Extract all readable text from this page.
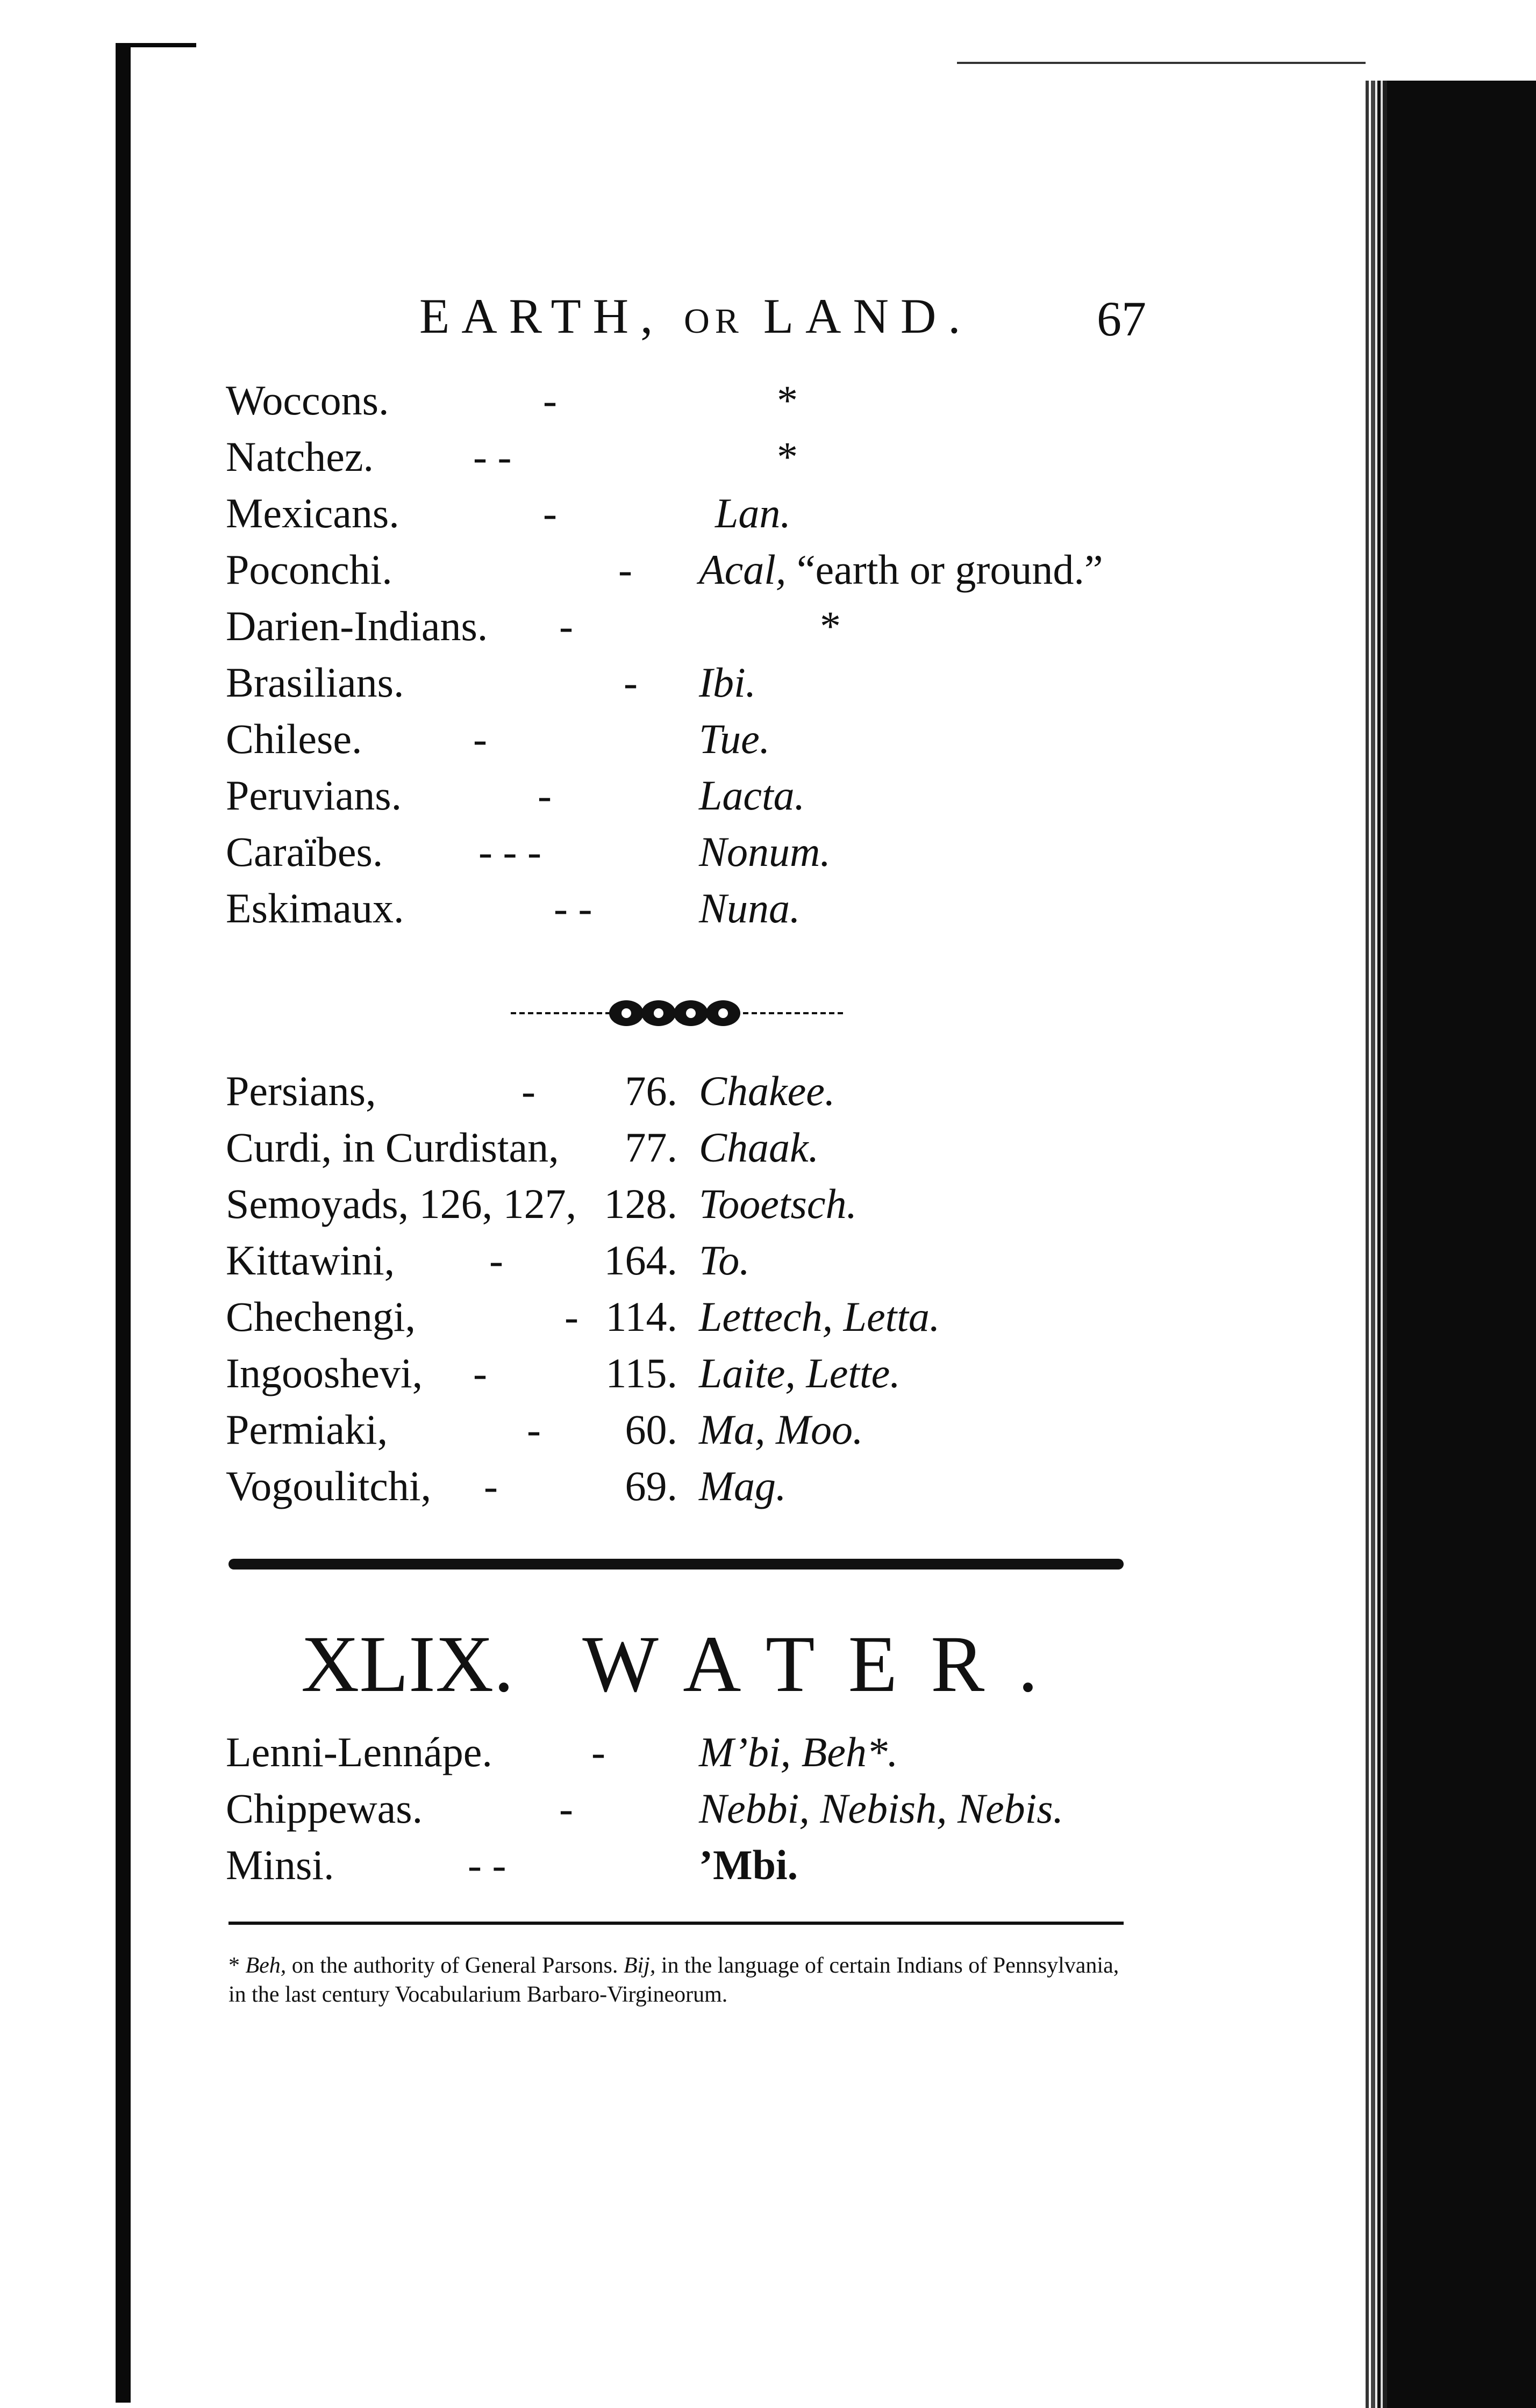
EARTH, OR LAND.	67
Woccons.	-	*
Natchez. - -	*
Mexicans.	-	Lan.
Poconchi.	- Acal, “earth or ground.”
Darien-Indians. -	*
Brasilians.	- Ibi.
Chilese.	-	Tue.
Peruvians.	-	Lacta.
Caraïbes. - - -	Nonum.
Eskimaux.	- -	Nuna.
Persians,	- 76. Chakee.
Curdi, in Curdistan, 77. Chaak.
Semoyads, 126, 127, 128. Tooetsch.
Kittawini, - 164. To.
Chechengi,	- 114. Lettech, Letta.
Ingooshevi, -	115. Laite, Lette.
Permiaki,	- 60. Ma, Moo.
Vogoulitchi, -	69. Mag.
XLIX. WATER.
Lenni-Lennápe. - M’bi, Beh*.
Chippewas.	-	Nebbi, Nebish, Nebis.
Minsi.	- -	’Mbi.
* Beh, on the authority of General Parsons. Bij, in the language of certain Indians of Pennsylvania, in the last century Vocabularium Barbaro-Virgineorum.
